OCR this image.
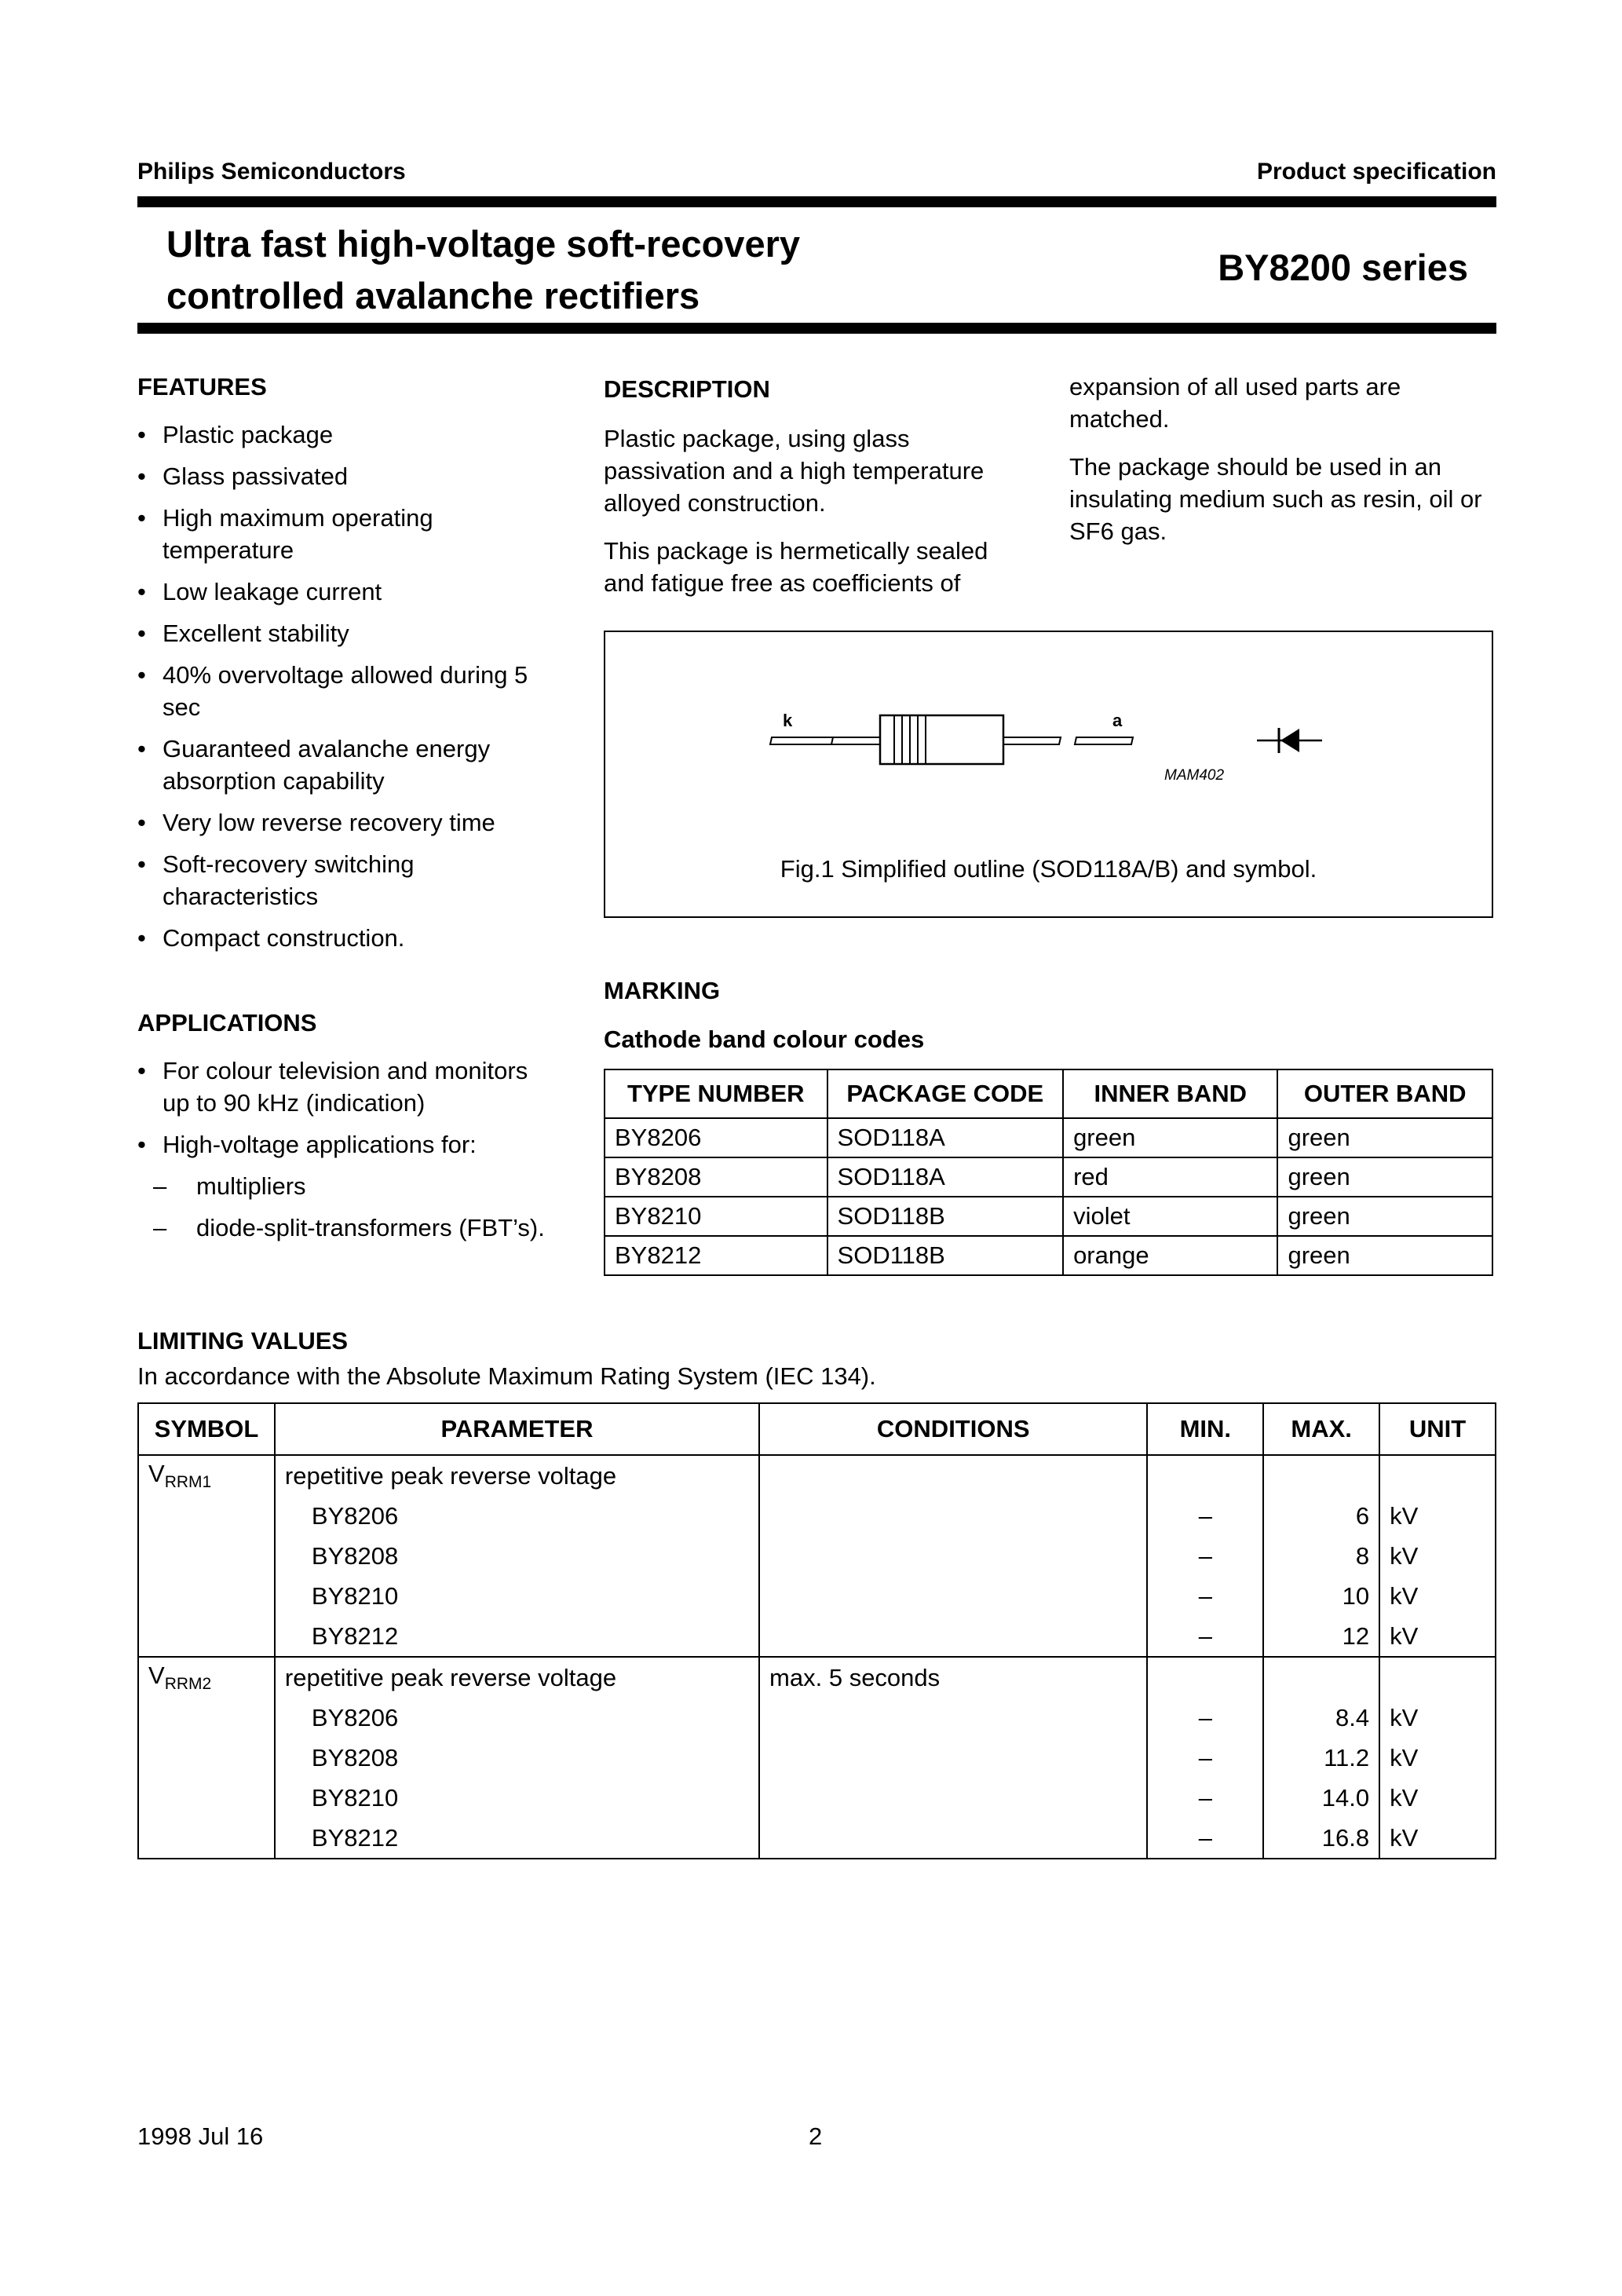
Philips Semiconductors	Product specification
Ultra fast high-voltage soft-recovery
controlled avalanche rectifiers
BY8200 series
FEATURES
• Plastic package
• Glass passivated
• High maximum operating temperature
• Low leakage current
• Excellent stability
• 40% overvoltage allowed during 5 sec
• Guaranteed avalanche energy absorption capability
• Very low reverse recovery time
• Soft-recovery switching characteristics
• Compact construction.
APPLICATIONS
• For colour television and monitors up to 90 kHz (indication)
• High-voltage applications for:
– multipliers
– diode-split-transformers (FBT’s).
DESCRIPTION

Plastic package, using glass passivation and a high temperature alloyed construction.

This package is hermetically sealed and fatigue free as coefficients of

expansion of all used parts are matched.

The package should be used in an insulating medium such as resin, oil or SF6 gas.

k	a
MAM402
Fig.1 Simplified outline (SOD118A/B) and symbol.
MARKING
Cathode band colour codes
TYPE NUMBER	PACKAGE CODE	INNER BAND	OUTER BAND
BY8206	SOD118A	green	green
BY8208	SOD118A	red	green
BY8210	SOD118B	violet	green
BY8212	SOD118B	orange	green
LIMITING VALUES
In accordance with the Absolute Maximum Rating System (IEC 134).
SYMBOL	PARAMETER	CONDITIONS	MIN.	MAX.	UNIT
$V_{RRM1}$	repetitive peak reverse voltage				
	BY8206		–	6	kV
	BY8208		–	8	kV
	BY8210		–	10	kV
	BY8212		–	12	kV
$V_{RRM2}$	repetitive peak reverse voltage	max. 5 seconds			
	BY8206		–	8.4	kV
	BY8208		–	11.2	kV
	BY8210		–	14.0	kV
	BY8212		–	16.8	kV
1998 Jul 16	2
